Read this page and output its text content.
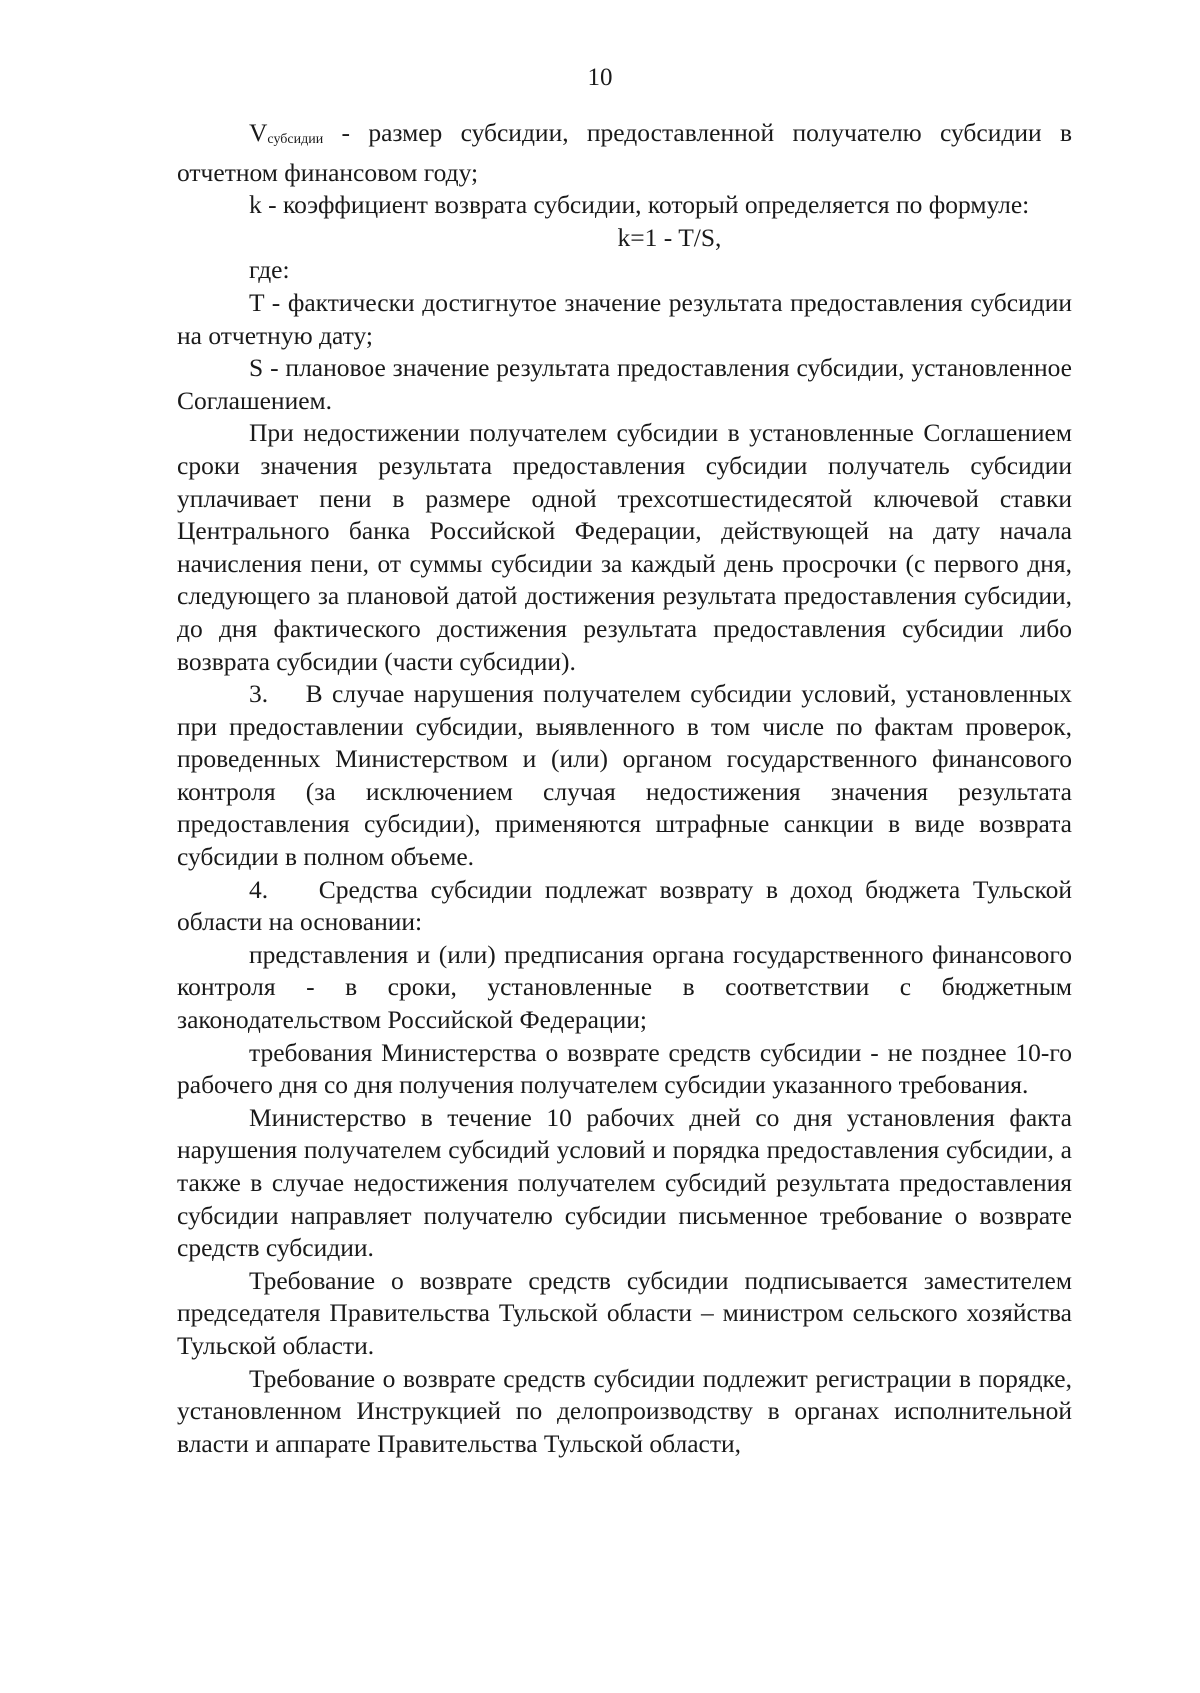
10

$V_{субсидии}$ - размер субсидии, предоставленной получателю субсидии в отчетном финансовом году;

k - коэффициент возврата субсидии, который определяется по формуле:

k=1 - T/S,

где:

T - фактически достигнутое значение результата предоставления субсидии на отчетную дату;

S - плановое значение результата предоставления субсидии, установленное Соглашением.

При недостижении получателем субсидии в установленные Соглашением сроки значения результата предоставления субсидии получатель субсидии уплачивает пени в размере одной трехсотшестидесятой ключевой ставки Центрального банка Российской Федерации, действующей на дату начала начисления пени, от суммы субсидии за каждый день просрочки (с первого дня, следующего за плановой датой достижения результата предоставления субсидии, до дня фактического достижения результата предоставления субсидии либо возврата субсидии (части субсидии).

3.    В случае нарушения получателем субсидии условий, установленных при предоставлении субсидии, выявленного в том числе по фактам проверок, проведенных Министерством и (или) органом государственного финансового контроля (за исключением случая недостижения значения результата предоставления субсидии), применяются штрафные санкции в виде возврата субсидии в полном объеме.

4.    Средства субсидии подлежат возврату в доход бюджета Тульской области на основании:

представления и (или) предписания органа государственного финансового контроля - в сроки, установленные в соответствии с бюджетным законодательством Российской Федерации;

требования Министерства о возврате средств субсидии - не позднее 10-го рабочего дня со дня получения получателем субсидии указанного требования.

Министерство в течение 10 рабочих дней со дня установления факта нарушения получателем субсидий условий и порядка предоставления субсидии, а также в случае недостижения получателем субсидий результата предоставления субсидии направляет получателю субсидии письменное требование о возврате средств субсидии.

Требование о возврате средств субсидии подписывается заместителем председателя Правительства Тульской области – министром сельского хозяйства Тульской области.

Требование о возврате средств субсидии подлежит регистрации в порядке, установленном Инструкцией по делопроизводству в органах исполнительной власти и аппарате Правительства Тульской области,
